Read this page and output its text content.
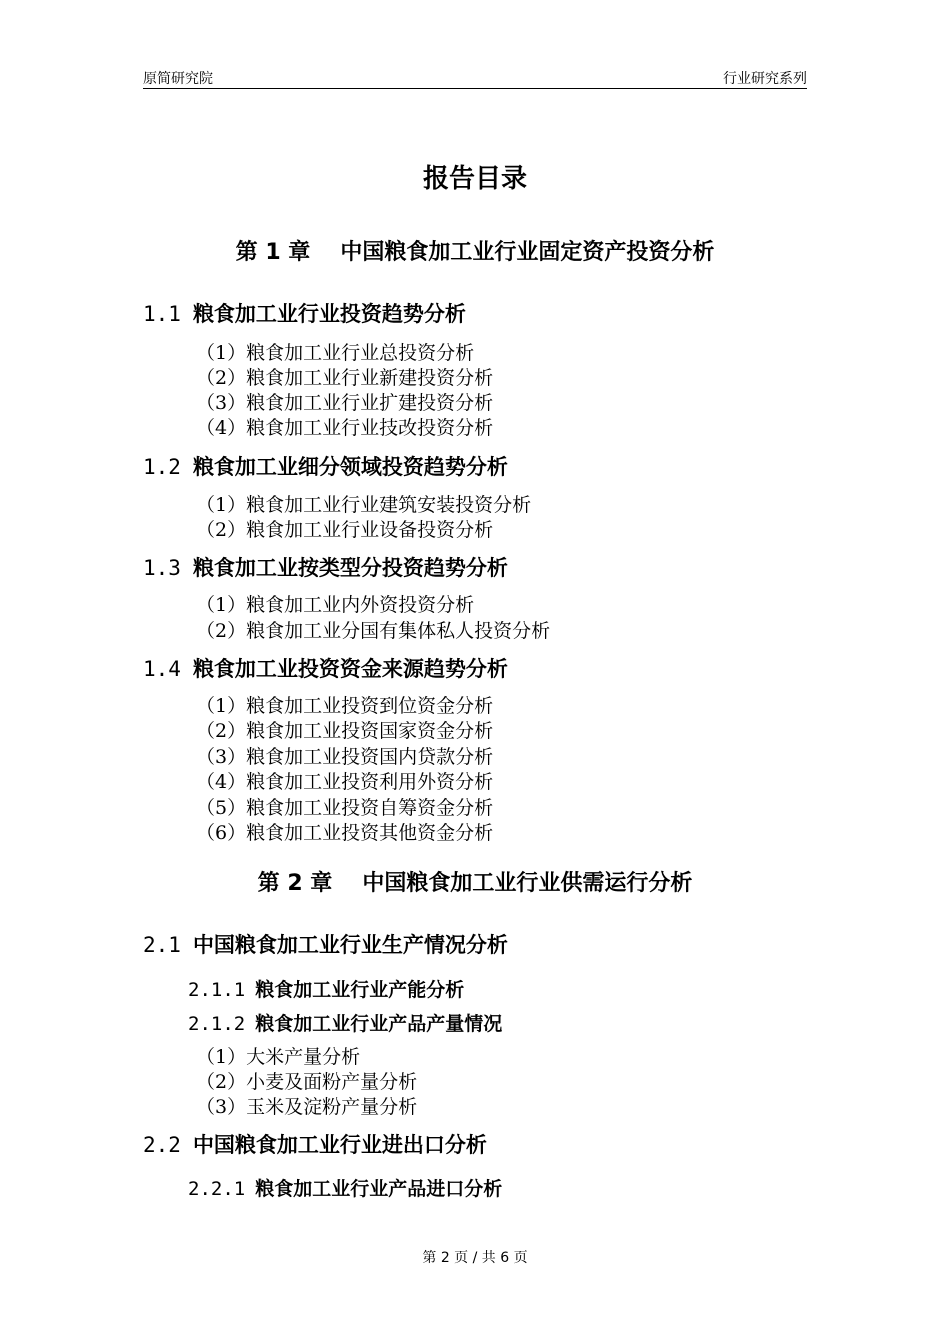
原简研究院	行业研究系列
报告目录
第 1 章 中国粮食加工业行业固定资产投资分析
1.1 粮食加工业行业投资趋势分析
（1）粮食加工业行业总投资分析
（2）粮食加工业行业新建投资分析
（3）粮食加工业行业扩建投资分析
（4）粮食加工业行业技改投资分析
1.2 粮食加工业细分领域投资趋势分析
（1）粮食加工业行业建筑安装投资分析
（2）粮食加工业行业设备投资分析
1.3 粮食加工业按类型分投资趋势分析
（1）粮食加工业内外资投资分析
（2）粮食加工业分国有集体私人投资分析
1.4 粮食加工业投资资金来源趋势分析
（1）粮食加工业投资到位资金分析
（2）粮食加工业投资国家资金分析
（3）粮食加工业投资国内贷款分析
（4）粮食加工业投资利用外资分析
（5）粮食加工业投资自筹资金分析
（6）粮食加工业投资其他资金分析
第 2 章 中国粮食加工业行业供需运行分析
2.1 中国粮食加工业行业生产情况分析
2.1.1 粮食加工业行业产能分析
2.1.2 粮食加工业行业产品产量情况
（1）大米产量分析
（2）小麦及面粉产量分析
（3）玉米及淀粉产量分析
2.2 中国粮食加工业行业进出口分析
2.2.1 粮食加工业行业产品进口分析
第 2 页 / 共 6 页
